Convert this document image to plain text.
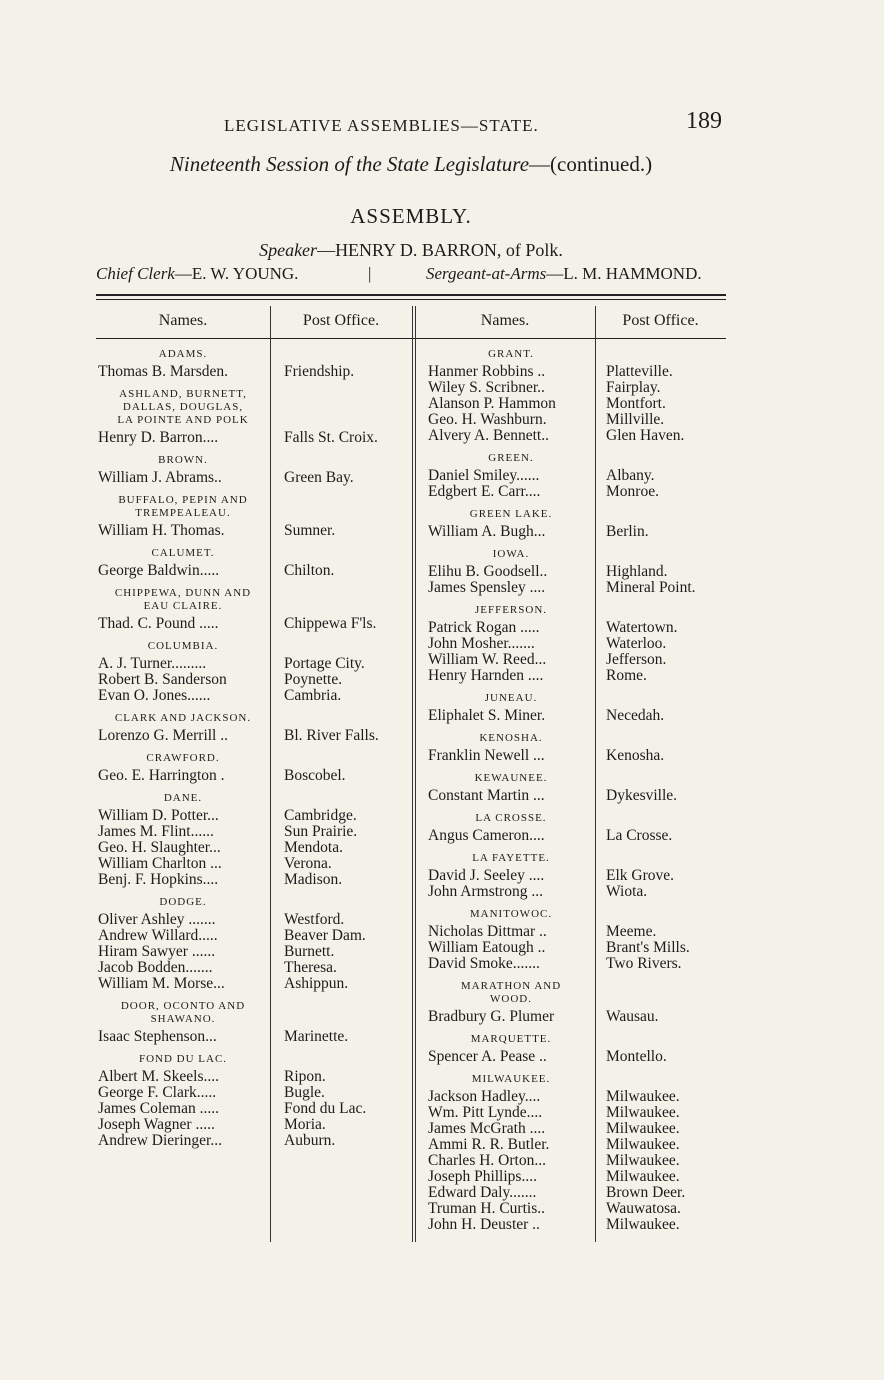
LEGISLATIVE ASSEMBLIES—STATE.	189
Nineteenth Session of the State Legislature—(continued.)
ASSEMBLY.
Speaker—HENRY D. BARRON, of Polk.
Chief Clerk—E. W. YOUNG.	|	Sergeant-at-Arms—L. M. HAMMOND.
Names.	Post Office.	Names.	Post Office.
ADAMS.
Thomas B. Marsden.	Friendship.
ASHLAND, BURNETT,
DALLAS, DOUGLAS,
LA POINTE AND POLK
Henry D. Barron....	Falls St. Croix.
BROWN.
William J. Abrams..	Green Bay.
BUFFALO, PEPIN AND
TREMPEALEAU.
William H. Thomas.	Sumner.
CALUMET.
George Baldwin.....	Chilton.
CHIPPEWA, DUNN AND
EAU CLAIRE.
Thad. C. Pound .....	Chippewa F'ls.
COLUMBIA.
A. J. Turner.........	Portage City.
Robert B. Sanderson	Poynette.
Evan O. Jones......	Cambria.
CLARK AND JACKSON.
Lorenzo G. Merrill ..	Bl. River Falls.
CRAWFORD.
Geo. E. Harrington .	Boscobel.
DANE.
William D. Potter...	Cambridge.
James M. Flint......	Sun Prairie.
Geo. H. Slaughter...	Mendota.
William Charlton ...	Verona.
Benj. F. Hopkins....	Madison.
DODGE.
Oliver Ashley .......	Westford.
Andrew Willard.....	Beaver Dam.
Hiram Sawyer ......	Burnett.
Jacob Bodden.......	Theresa.
William M. Morse...	Ashippun.
DOOR, OCONTO AND
SHAWANO.
Isaac Stephenson...	Marinette.
FOND DU LAC.
Albert M. Skeels....	Ripon.
George F. Clark.....	Bugle.
James Coleman .....	Fond du Lac.
Joseph Wagner .....	Moria.
Andrew Dieringer...	Auburn.
GRANT.
Hanmer Robbins ..	Platteville.
Wiley S. Scribner..	Fairplay.
Alanson P. Hammon	Montfort.
Geo. H. Washburn.	Millville.
Alvery A. Bennett..	Glen Haven.
GREEN.
Daniel Smiley......	Albany.
Edgbert E. Carr....	Monroe.
GREEN LAKE.
William A. Bugh...	Berlin.
IOWA.
Elihu B. Goodsell..	Highland.
James Spensley ....	Mineral Point.
JEFFERSON.
Patrick Rogan .....	Watertown.
John Mosher.......	Waterloo.
William W. Reed...	Jefferson.
Henry Harnden ....	Rome.
JUNEAU.
Eliphalet S. Miner.	Necedah.
KENOSHA.
Franklin Newell ...	Kenosha.
KEWAUNEE.
Constant Martin ...	Dykesville.
LA CROSSE.
Angus Cameron....	La Crosse.
LA FAYETTE.
David J. Seeley ....	Elk Grove.
John Armstrong ...	Wiota.
MANITOWOC.
Nicholas Dittmar ..	Meeme.
William Eatough ..	Brant's Mills.
David Smoke.......	Two Rivers.
MARATHON AND
WOOD.
Bradbury G. Plumer	Wausau.
MARQUETTE.
Spencer A. Pease ..	Montello.
MILWAUKEE.
Jackson Hadley....	Milwaukee.
Wm. Pitt Lynde....	Milwaukee.
James McGrath ....	Milwaukee.
Ammi R. R. Butler.	Milwaukee.
Charles H. Orton...	Milwaukee.
Joseph Phillips....	Milwaukee.
Edward Daly.......	Brown Deer.
Truman H. Curtis..	Wauwatosa.
John H. Deuster ..	Milwaukee.
